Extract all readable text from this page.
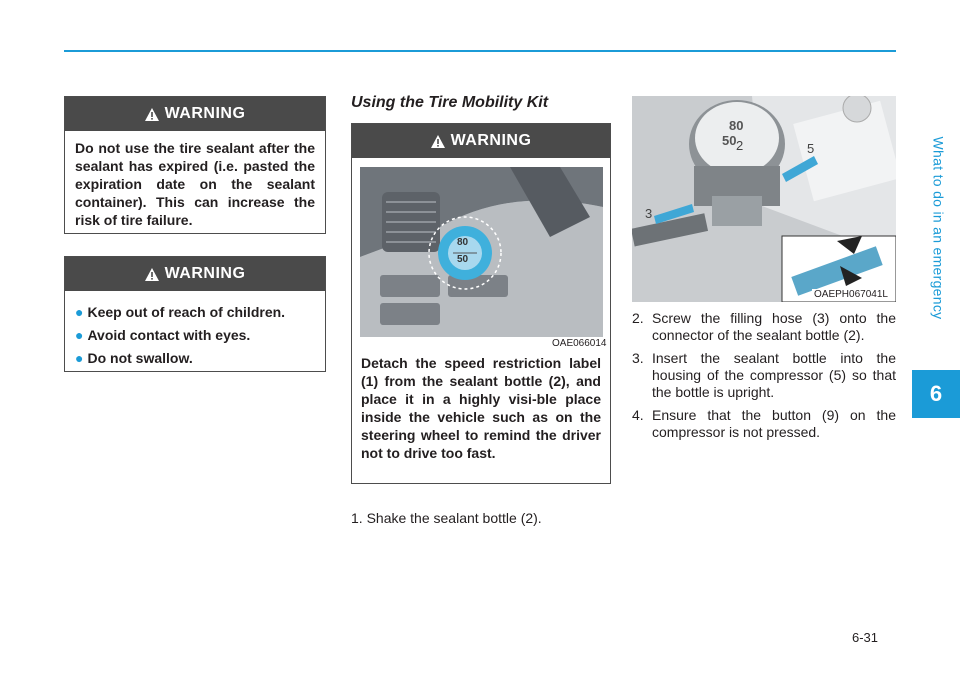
What to do in an emergency
6
WARNING
Do not use the tire sealant after the sealant has expired (i.e. pasted the expiration date on the sealant container). This can increase the risk of tire failure.
WARNING
● Keep out of reach of children.
● Avoid contact with eyes.
● Do not swallow.
Using the Tire Mobility Kit
WARNING
Detach the speed restriction label (1) from the sealant bottle (2), and place it in a highly visi-ble place inside the vehicle such as on the steering wheel to remind the driver not to drive too fast.
80
50
OAE066014
80
50 2
3
5
OAEPH067041L
1. Shake the sealant bottle (2).
2. Screw the filling hose (3) onto the connector of the sealant bottle (2).
3. Insert the sealant bottle into the housing of the compressor (5) so that the bottle is upright.
4. Ensure that the button (9) on the compressor is not pressed.
6-31
